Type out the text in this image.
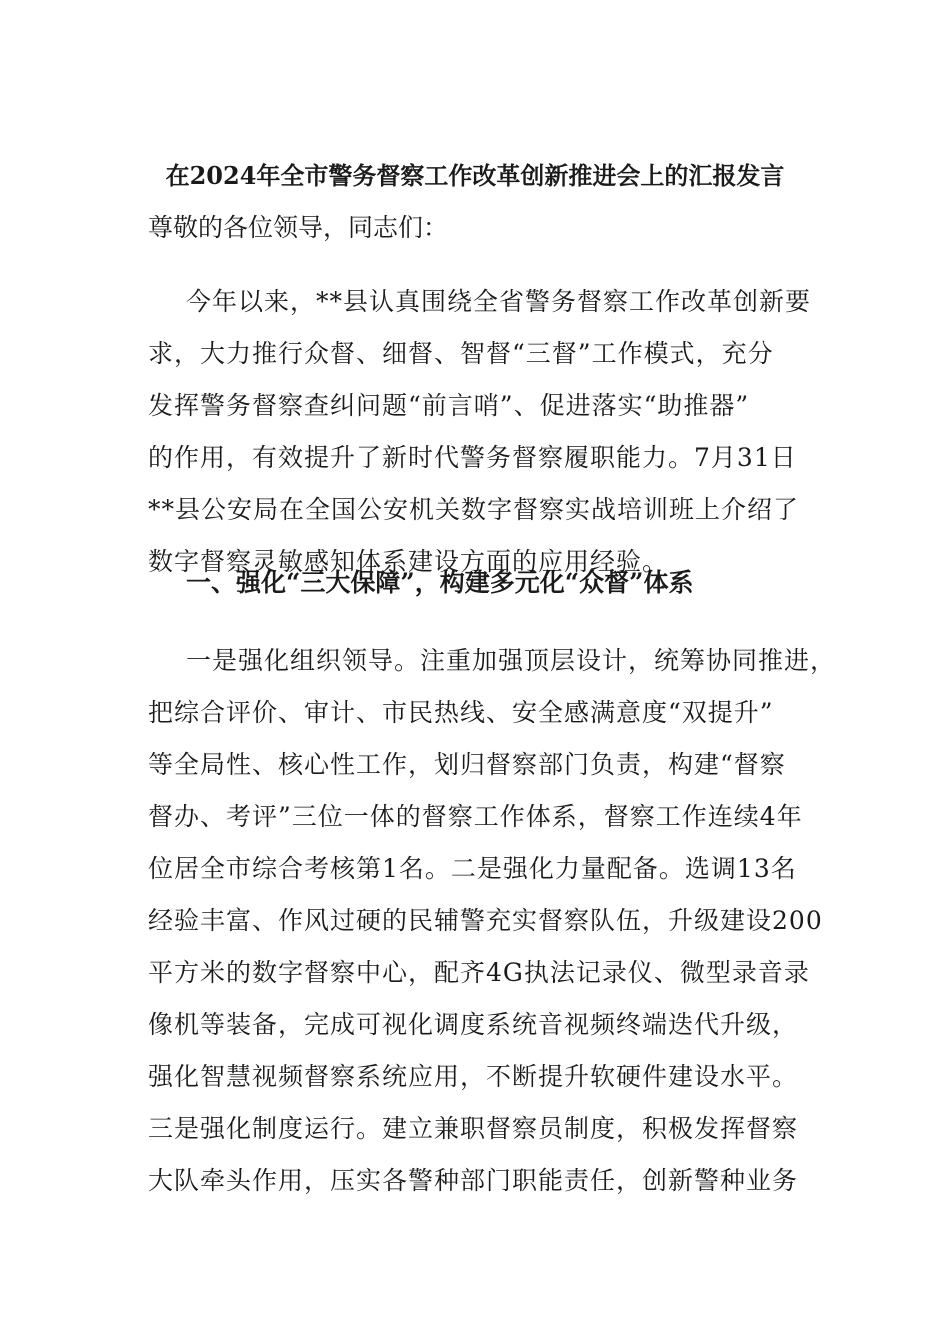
在2024年全市警务督察工作改革创新推进会上的汇报发言
尊敬的各位领导，同志们：
今年以来，**县认真围绕全省警务督察工作改革创新要
求，大力推行众督、细督、智督“三督”工作模式，充分
发挥警务督察查纠问题“前言哨”、促进落实“助推器”
的作用，有效提升了新时代警务督察履职能力。7月31日
**县公安局在全国公安机关数字督察实战培训班上介绍了
数字督察灵敏感知体系建设方面的应用经验。
一、强化“三大保障”，构建多元化“众督”体系
一是强化组织领导。注重加强顶层设计，统筹协同推进，
把综合评价、审计、市民热线、安全感满意度“双提升”
等全局性、核心性工作，划归督察部门负责，构建“督察
督办、考评”三位一体的督察工作体系，督察工作连续4年
位居全市综合考核第1名。二是强化力量配备。选调13名
经验丰富、作风过硬的民辅警充实督察队伍，升级建设200
平方米的数字督察中心，配齐4G执法记录仪、微型录音录
像机等装备，完成可视化调度系统音视频终端迭代升级，
强化智慧视频督察系统应用，不断提升软硬件建设水平。
三是强化制度运行。建立兼职督察员制度，积极发挥督察
大队牵头作用，压实各警种部门职能责任，创新警种业务
